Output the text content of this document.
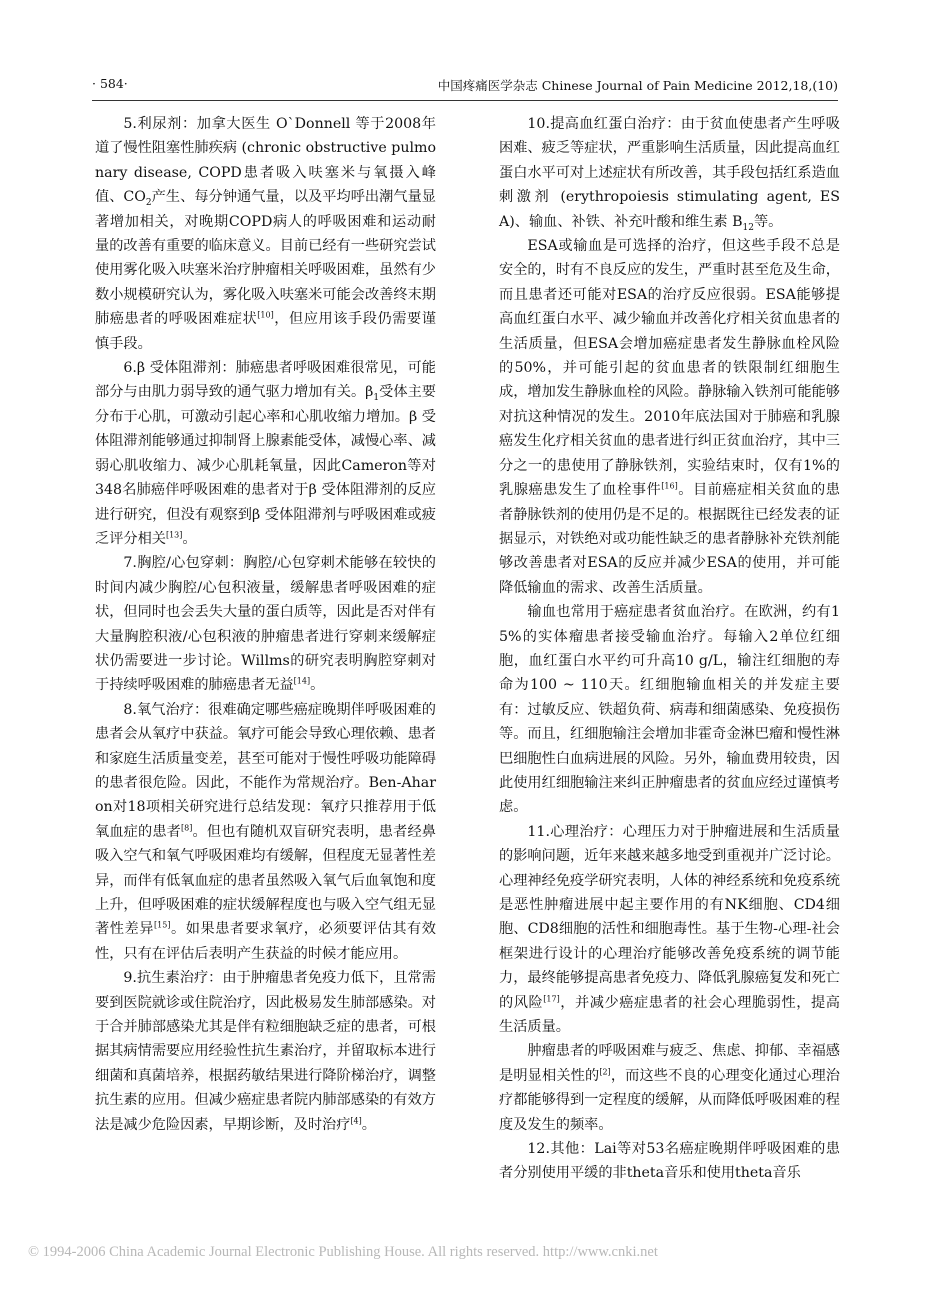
· 584·	中国疼痛医学杂志 Chinese Journal of Pain Medicine 2012,18,(10)

5.利尿剂：加拿大医生 O`Donnell 等于2008年道了慢性阻塞性肺疾病 (chronic obstructive pulmonary disease, COPD患者吸入呋塞米与氧摄入峰值、$CO_2$产生、每分钟通气量，以及平均呼出潮气量显著增加相关，对晚期COPD病人的呼吸困难和运动耐量的改善有重要的临床意义。目前已经有一些研究尝试使用雾化吸入呋塞米治疗肿瘤相关呼吸困难，虽然有少数小规模研究认为，雾化吸入呋塞米可能会改善终末期肺癌患者的呼吸困难症状[10]，但应用该手段仍需要谨慎手段。

6.β 受体阻滞剂：肺癌患者呼吸困难很常见，可能部分与由肌力弱导致的通气驱力增加有关。$\beta_1$受体主要分布于心肌，可激动引起心率和心肌收缩力增加。β 受体阻滞剂能够通过抑制肾上腺素能受体，减慢心率、减弱心肌收缩力、减少心肌耗氧量，因此Cameron等对348名肺癌伴呼吸困难的患者对于β 受体阻滞剂的反应进行研究，但没有观察到β 受体阻滞剂与呼吸困难或疲乏评分相关[13]。

7.胸腔/心包穿刺：胸腔/心包穿刺术能够在较快的时间内减少胸腔/心包积液量，缓解患者呼吸困难的症状，但同时也会丢失大量的蛋白质等，因此是否对伴有大量胸腔积液/心包积液的肿瘤患者进行穿刺来缓解症状仍需要进一步讨论。Willms的研究表明胸腔穿刺对于持续呼吸困难的肺癌患者无益[14]。

8.氧气治疗：很难确定哪些癌症晚期伴呼吸困难的患者会从氧疗中获益。氧疗可能会导致心理依赖、患者和家庭生活质量变差，甚至可能对于慢性呼吸功能障碍的患者很危险。因此，不能作为常规治疗。Ben-Aharon对18项相关研究进行总结发现：氧疗只推荐用于低氧血症的患者[8]。但也有随机双盲研究表明，患者经鼻吸入空气和氧气呼吸困难均有缓解，但程度无显著性差异，而伴有低氧血症的患者虽然吸入氧气后血氧饱和度上升，但呼吸困难的症状缓解程度也与吸入空气组无显著性差异[15]。如果患者要求氧疗，必须要评估其有效性，只有在评估后表明产生获益的时候才能应用。

9.抗生素治疗：由于肿瘤患者免疫力低下，且常需要到医院就诊或住院治疗，因此极易发生肺部感染。对于合并肺部感染尤其是伴有粒细胞缺乏症的患者，可根据其病情需要应用经验性抗生素治疗，并留取标本进行细菌和真菌培养，根据药敏结果进行降阶梯治疗，调整抗生素的应用。但减少癌症患者院内肺部感染的有效方法是减少危险因素，早期诊断，及时治疗[4]。

10.提高血红蛋白治疗：由于贫血使患者产生呼吸困难、疲乏等症状，严重影响生活质量，因此提高血红蛋白水平可对上述症状有所改善，其手段包括红系造血刺激剂 (erythropoiesis stimulating agent, ESA)、输血、补铁、补充叶酸和维生素 $B_{12}$等。

ESA或输血是可选择的治疗，但这些手段不总是安全的，时有不良反应的发生，严重时甚至危及生命，而且患者还可能对ESA的治疗反应很弱。ESA能够提高血红蛋白水平、减少输血并改善化疗相关贫血患者的生活质量，但ESA会增加癌症患者发生静脉血栓风险的50%，并可能引起的贫血患者的铁限制红细胞生成，增加发生静脉血栓的风险。静脉输入铁剂可能能够对抗这种情况的发生。2010年底法国对于肺癌和乳腺癌发生化疗相关贫血的患者进行纠正贫血治疗，其中三分之一的患使用了静脉铁剂，实验结束时，仅有1%的乳腺癌患发生了血栓事件[16]。目前癌症相关贫血的患者静脉铁剂的使用仍是不足的。根据既往已经发表的证据显示，对铁绝对或功能性缺乏的患者静脉补充铁剂能够改善患者对ESA的反应并减少ESA的使用，并可能降低输血的需求、改善生活质量。

输血也常用于癌症患者贫血治疗。在欧洲，约有15%的实体瘤患者接受输血治疗。每输入2单位红细胞，血红蛋白水平约可升高10 g/L，输注红细胞的寿命为100 ~ 110天。红细胞输血相关的并发症主要有：过敏反应、铁超负荷、病毒和细菌感染、免疫损伤等。而且，红细胞输注会增加非霍奇金淋巴瘤和慢性淋巴细胞性白血病进展的风险。另外，输血费用较贵，因此使用红细胞输注来纠正肿瘤患者的贫血应经过谨慎考虑。

11.心理治疗：心理压力对于肿瘤进展和生活质量的影响问题，近年来越来越多地受到重视并广泛讨论。心理神经免疫学研究表明，人体的神经系统和免疫系统是恶性肿瘤进展中起主要作用的有NK细胞、CD4细胞、CD8细胞的活性和细胞毒性。基于生物-心理-社会框架进行设计的心理治疗能够改善免疫系统的调节能力，最终能够提高患者免疫力、降低乳腺癌复发和死亡的风险[17]，并减少癌症患者的社会心理脆弱性，提高生活质量。

肿瘤患者的呼吸困难与疲乏、焦虑、抑郁、幸福感是明显相关性的[2]，而这些不良的心理变化通过心理治疗都能够得到一定程度的缓解，从而降低呼吸困难的程度及发生的频率。

12.其他：Lai等对53名癌症晚期伴呼吸困难的患者分别使用平缓的非theta音乐和使用theta音乐

© 1994-2006 China Academic Journal Electronic Publishing House. All rights reserved. http://www.cnki.net
